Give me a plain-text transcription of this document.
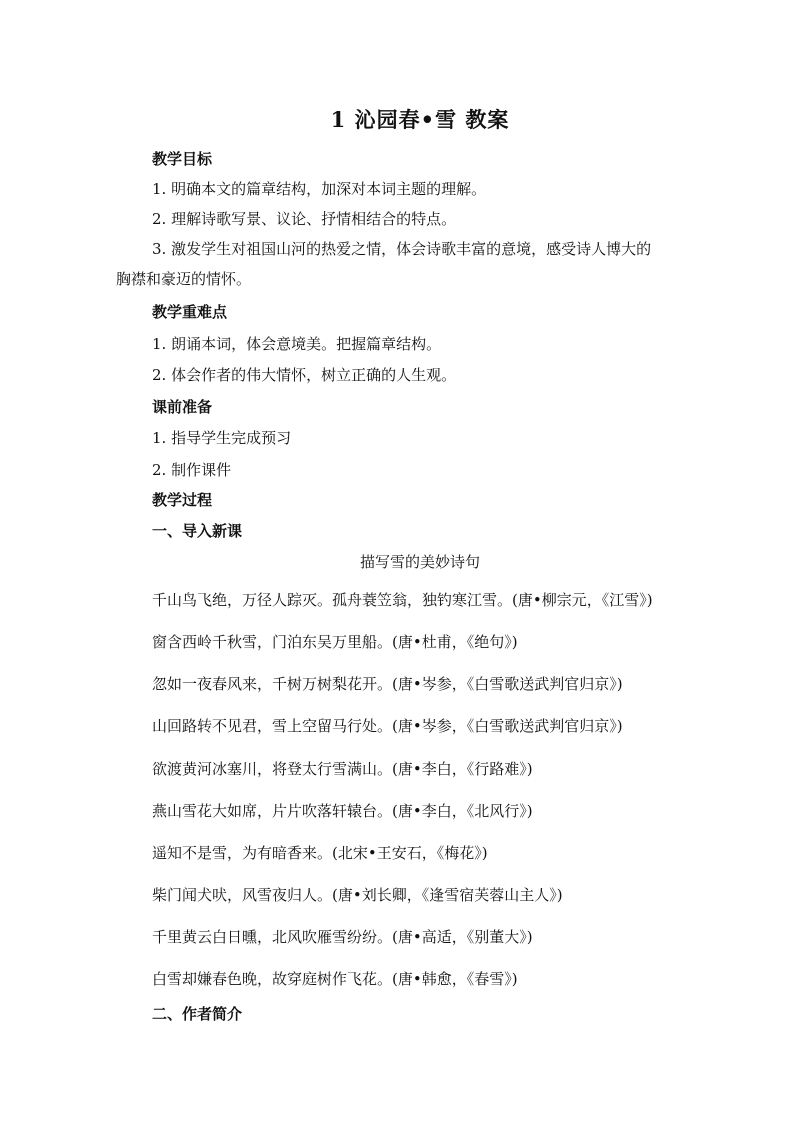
1 沁园春•雪 教案
教学目标
1. 明确本文的篇章结构，加深对本词主题的理解。
2. 理解诗歌写景、议论、抒情相结合的特点。
3. 激发学生对祖国山河的热爱之情，体会诗歌丰富的意境，感受诗人博大的
胸襟和豪迈的情怀。
教学重难点
1. 朗诵本词，体会意境美。把握篇章结构。
2. 体会作者的伟大情怀，树立正确的人生观。
课前准备
1. 指导学生完成预习
2. 制作课件
教学过程
一、导入新课
描写雪的美妙诗句
千山鸟飞绝，万径人踪灭。孤舟蓑笠翁，独钓寒江雪。(唐•柳宗元，《江雪》)
窗含西岭千秋雪，门泊东吴万里船。(唐•杜甫，《绝句》)
忽如一夜春风来，千树万树梨花开。(唐•岑参，《白雪歌送武判官归京》)
山回路转不见君，雪上空留马行处。(唐•岑参，《白雪歌送武判官归京》)
欲渡黄河冰塞川，将登太行雪满山。(唐•李白，《行路难》)
燕山雪花大如席，片片吹落轩辕台。(唐•李白，《北风行》)
遥知不是雪，为有暗香来。(北宋•王安石，《梅花》)
柴门闻犬吠，风雪夜归人。(唐•刘长卿，《逢雪宿芙蓉山主人》)
千里黄云白日曛，北风吹雁雪纷纷。(唐•高适，《别董大》)
白雪却嫌春色晚，故穿庭树作飞花。(唐•韩愈，《春雪》)
二、作者简介
